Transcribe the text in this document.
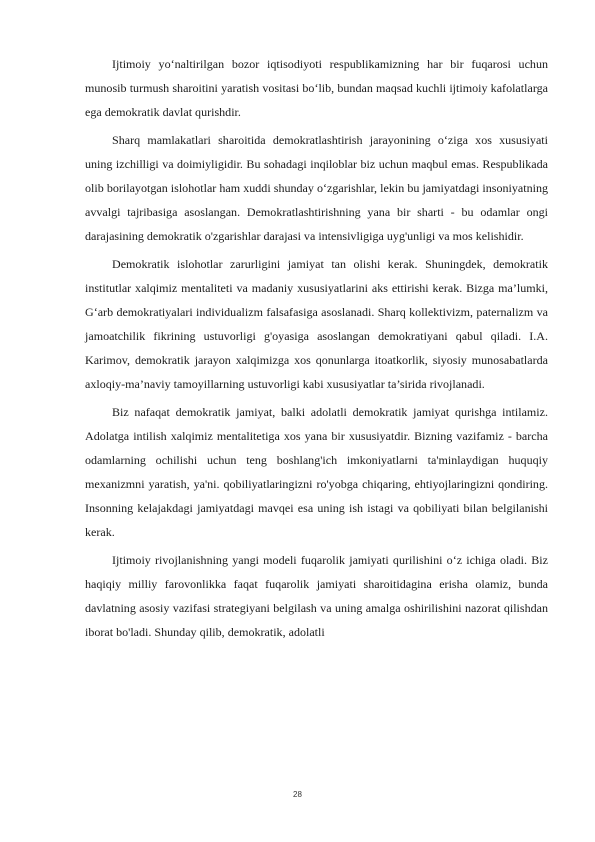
Ijtimoiy yo‘naltirilgan bozor iqtisodiyoti respublikamizning har bir fuqarosi uchun munosib turmush sharoitini yaratish vositasi bo‘lib, bundan maqsad kuchli ijtimoiy kafolatlarga ega demokratik davlat qurishdir.

Sharq mamlakatlari sharoitida demokratlashtirish jarayonining o‘ziga xos xususiyati uning izchilligi va doimiyligidir. Bu sohadagi inqiloblar biz uchun maqbul emas. Respublikada olib borilayotgan islohotlar ham xuddi shunday o‘zgarishlar, lekin bu jamiyatdagi insoniyatning avvalgi tajribasiga asoslangan. Demokratlashtirishning yana bir sharti - bu odamlar ongi darajasining demokratik o'zgarishlar darajasi va intensivligiga uyg'unligi va mos kelishidir.

Demokratik islohotlar zarurligini jamiyat tan olishi kerak. Shuningdek, demokratik institutlar xalqimiz mentaliteti va madaniy xususiyatlarini aks ettirishi kerak. Bizga ma’lumki, G‘arb demokratiyalari individualizm falsafasiga asoslanadi. Sharq kollektivizm, paternalizm va jamoatchilik fikrining ustuvorligi g'oyasiga asoslangan demokratiyani qabul qiladi. I.A. Karimov, demokratik jarayon xalqimizga xos qonunlarga itoatkorlik, siyosiy munosabatlarda axloqiy-ma’naviy tamoyillarning ustuvorligi kabi xususiyatlar ta’sirida rivojlanadi.

Biz nafaqat demokratik jamiyat, balki adolatli demokratik jamiyat qurishga intilamiz. Adolatga intilish xalqimiz mentalitetiga xos yana bir xususiyatdir. Bizning vazifamiz - barcha odamlarning ochilishi uchun teng boshlang'ich imkoniyatlarni ta'minlaydigan huquqiy mexanizmni yaratish, ya'ni. qobiliyatlaringizni ro'yobga chiqaring, ehtiyojlaringizni qondiring. Insonning kelajakdagi jamiyatdagi mavqei esa uning ish istagi va qobiliyati bilan belgilanishi kerak.

Ijtimoiy rivojlanishning yangi modeli fuqarolik jamiyati qurilishini o‘z ichiga oladi. Biz haqiqiy milliy farovonlikka faqat fuqarolik jamiyati sharoitidagina erisha olamiz, bunda davlatning asosiy vazifasi strategiyani belgilash va uning amalga oshirilishini nazorat qilishdan iborat bo'ladi. Shunday qilib, demokratik, adolatli

28
